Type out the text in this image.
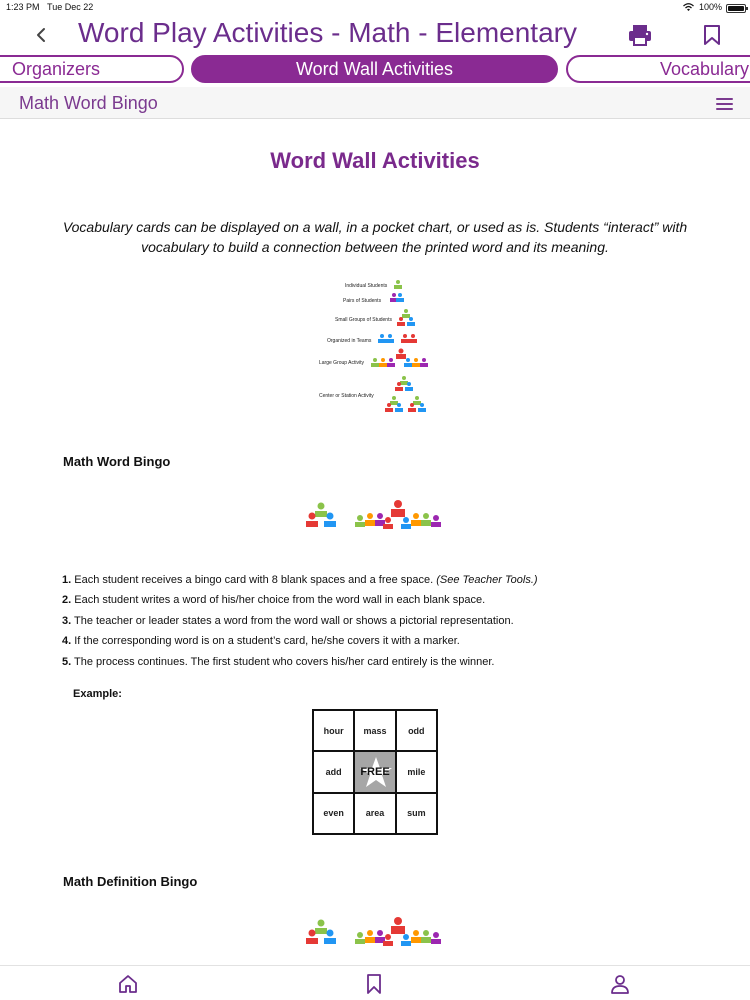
1:23 PM Tue Dec 22	100%
Word Play Activities - Math - Elementary
Organizers	Word Wall Activities	Vocabulary
Math Word Bingo
Word Wall Activities
Vocabulary cards can be displayed on a wall, in a pocket chart, or used as is. Students “interact” with vocabulary to build a connection between the printed word and its meaning.
Individual Students
Pairs of Students
Small Groups of Students
Organized in Teams
Large Group Activity
Center or Station Activity
Math Word Bingo
1. Each student receives a bingo card with 8 blank spaces and a free space. (See Teacher Tools.)
2. Each student writes a word of his/her choice from the word wall in each blank space.
3. The teacher or leader states a word from the word wall or shows a pictorial representation.
4. If the corresponding word is on a student’s card, he/she covers it with a marker.
5. The process continues. The first student who covers his/her card entirely is the winner.
Example:
hour	mass	odd
add	FREE	mile
even	area	sum
Math Definition Bingo
